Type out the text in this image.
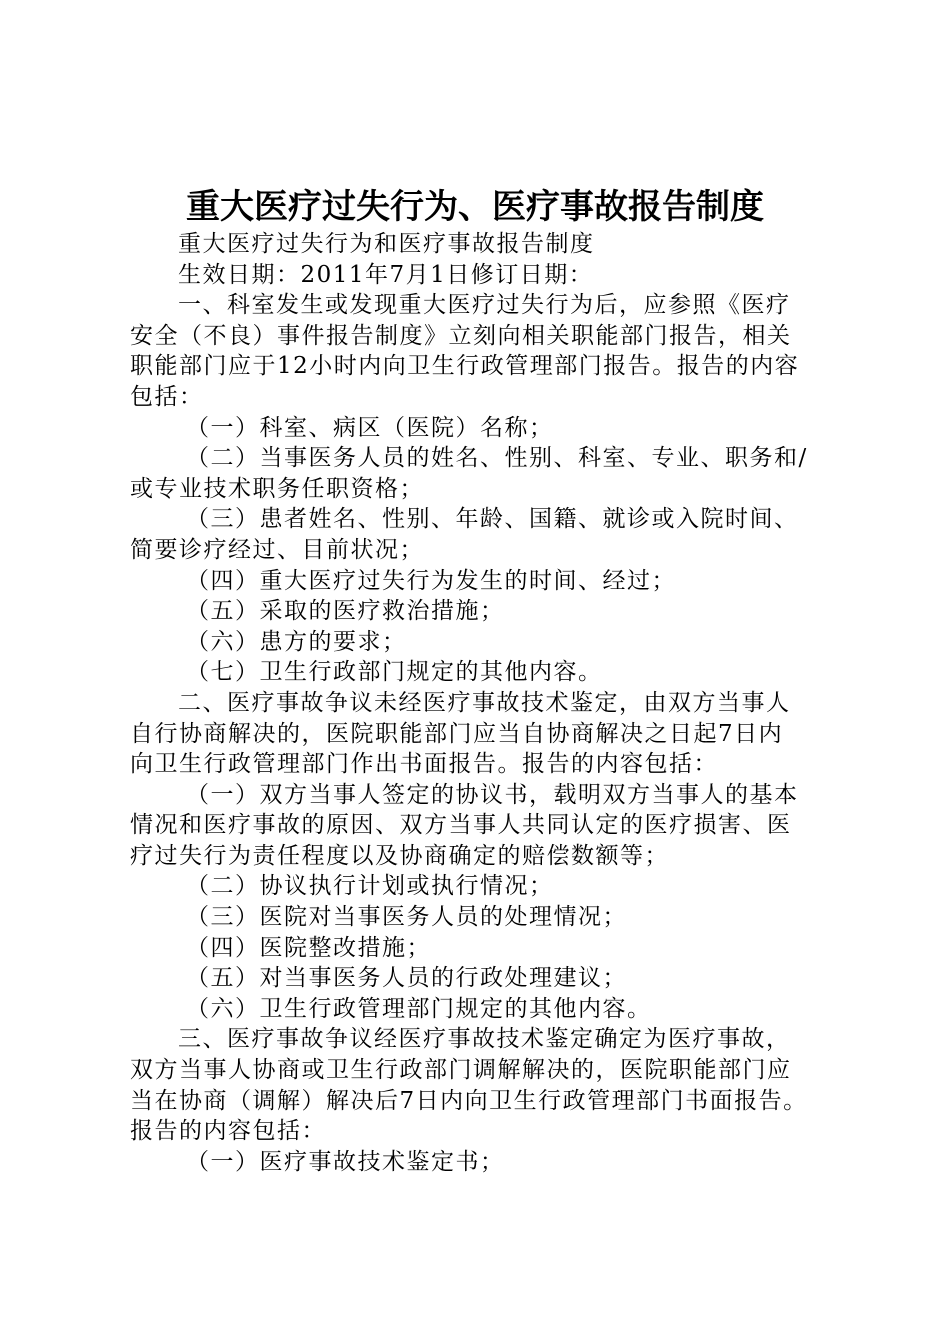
重大医疗过失行为、医疗事故报告制度
重大医疗过失行为和医疗事故报告制度
生效日期：2011年7月1日修订日期：
一、科室发生或发现重大医疗过失行为后，应参照《医疗
安全（不良）事件报告制度》立刻向相关职能部门报告，相关
职能部门应于12小时内向卫生行政管理部门报告。报告的内容
包括：
（一）科室、病区（医院）名称；
（二）当事医务人员的姓名、性别、科室、专业、职务和/
或专业技术职务任职资格；
（三）患者姓名、性别、年龄、国籍、就诊或入院时间、
简要诊疗经过、目前状况；
（四）重大医疗过失行为发生的时间、经过；
（五）采取的医疗救治措施；
（六）患方的要求；
（七）卫生行政部门规定的其他内容。
二、医疗事故争议未经医疗事故技术鉴定，由双方当事人
自行协商解决的，医院职能部门应当自协商解决之日起7日内
向卫生行政管理部门作出书面报告。报告的内容包括：
（一）双方当事人签定的协议书，载明双方当事人的基本
情况和医疗事故的原因、双方当事人共同认定的医疗损害、医
疗过失行为责任程度以及协商确定的赔偿数额等；
（二）协议执行计划或执行情况；
（三）医院对当事医务人员的处理情况；
（四）医院整改措施；
（五）对当事医务人员的行政处理建议；
（六）卫生行政管理部门规定的其他内容。
三、医疗事故争议经医疗事故技术鉴定确定为医疗事故，
双方当事人协商或卫生行政部门调解解决的，医院职能部门应
当在协商（调解）解决后7日内向卫生行政管理部门书面报告。
报告的内容包括：
（一）医疗事故技术鉴定书；
